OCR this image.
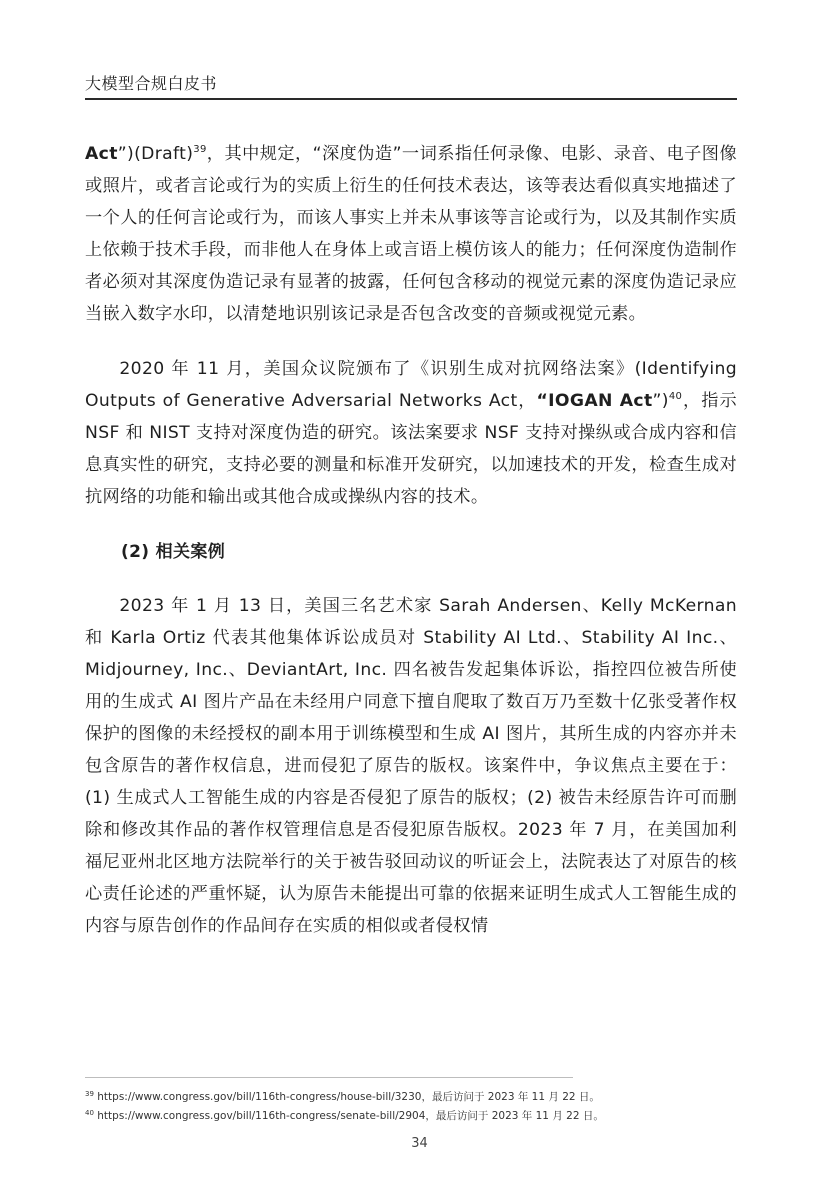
大模型合规白皮书

Act”)(Draft)$^{39}$，其中规定，“深度伪造”一词系指任何录像、电影、录音、电子图像或照片，或者言论或行为的实质上衍生的任何技术表达，该等表达看似真实地描述了一个人的任何言论或行为，而该人事实上并未从事该等言论或行为，以及其制作实质上依赖于技术手段，而非他人在身体上或言语上模仿该人的能力；任何深度伪造制作者必须对其深度伪造记录有显著的披露，任何包含移动的视觉元素的深度伪造记录应当嵌入数字水印，以清楚地识别该记录是否包含改变的音频或视觉元素。

2020 年 11 月，美国众议院颁布了《识别生成对抗网络法案》(Identifying Outputs of Generative Adversarial Networks Act，“IOGAN Act”)$^{40}$，指示 NSF 和 NIST 支持对深度伪造的研究。该法案要求 NSF 支持对操纵或合成内容和信息真实性的研究，支持必要的测量和标准开发研究，以加速技术的开发，检查生成对抗网络的功能和输出或其他合成或操纵内容的技术。

(2) 相关案例

2023 年 1 月 13 日，美国三名艺术家 Sarah Andersen、Kelly McKernan 和 Karla Ortiz 代表其他集体诉讼成员对 Stability AI Ltd.、Stability AI Inc.、Midjourney, Inc.、DeviantArt, Inc. 四名被告发起集体诉讼，指控四位被告所使用的生成式 AI 图片产品在未经用户同意下擅自爬取了数百万乃至数十亿张受著作权保护的图像的未经授权的副本用于训练模型和生成 AI 图片，其所生成的内容亦并未包含原告的著作权信息，进而侵犯了原告的版权。该案件中，争议焦点主要在于：(1) 生成式人工智能生成的内容是否侵犯了原告的版权；(2) 被告未经原告许可而删除和修改其作品的著作权管理信息是否侵犯原告版权。2023 年 7 月，在美国加利福尼亚州北区地方法院举行的关于被告驳回动议的听证会上，法院表达了对原告的核心责任论述的严重怀疑，认为原告未能提出可靠的依据来证明生成式人工智能生成的内容与原告创作的作品间存在实质的相似或者侵权情

$^{39}$ https://www.congress.gov/bill/116th-congress/house-bill/3230，最后访问于 2023 年 11 月 22 日。
$^{40}$ https://www.congress.gov/bill/116th-congress/senate-bill/2904，最后访问于 2023 年 11 月 22 日。
34
